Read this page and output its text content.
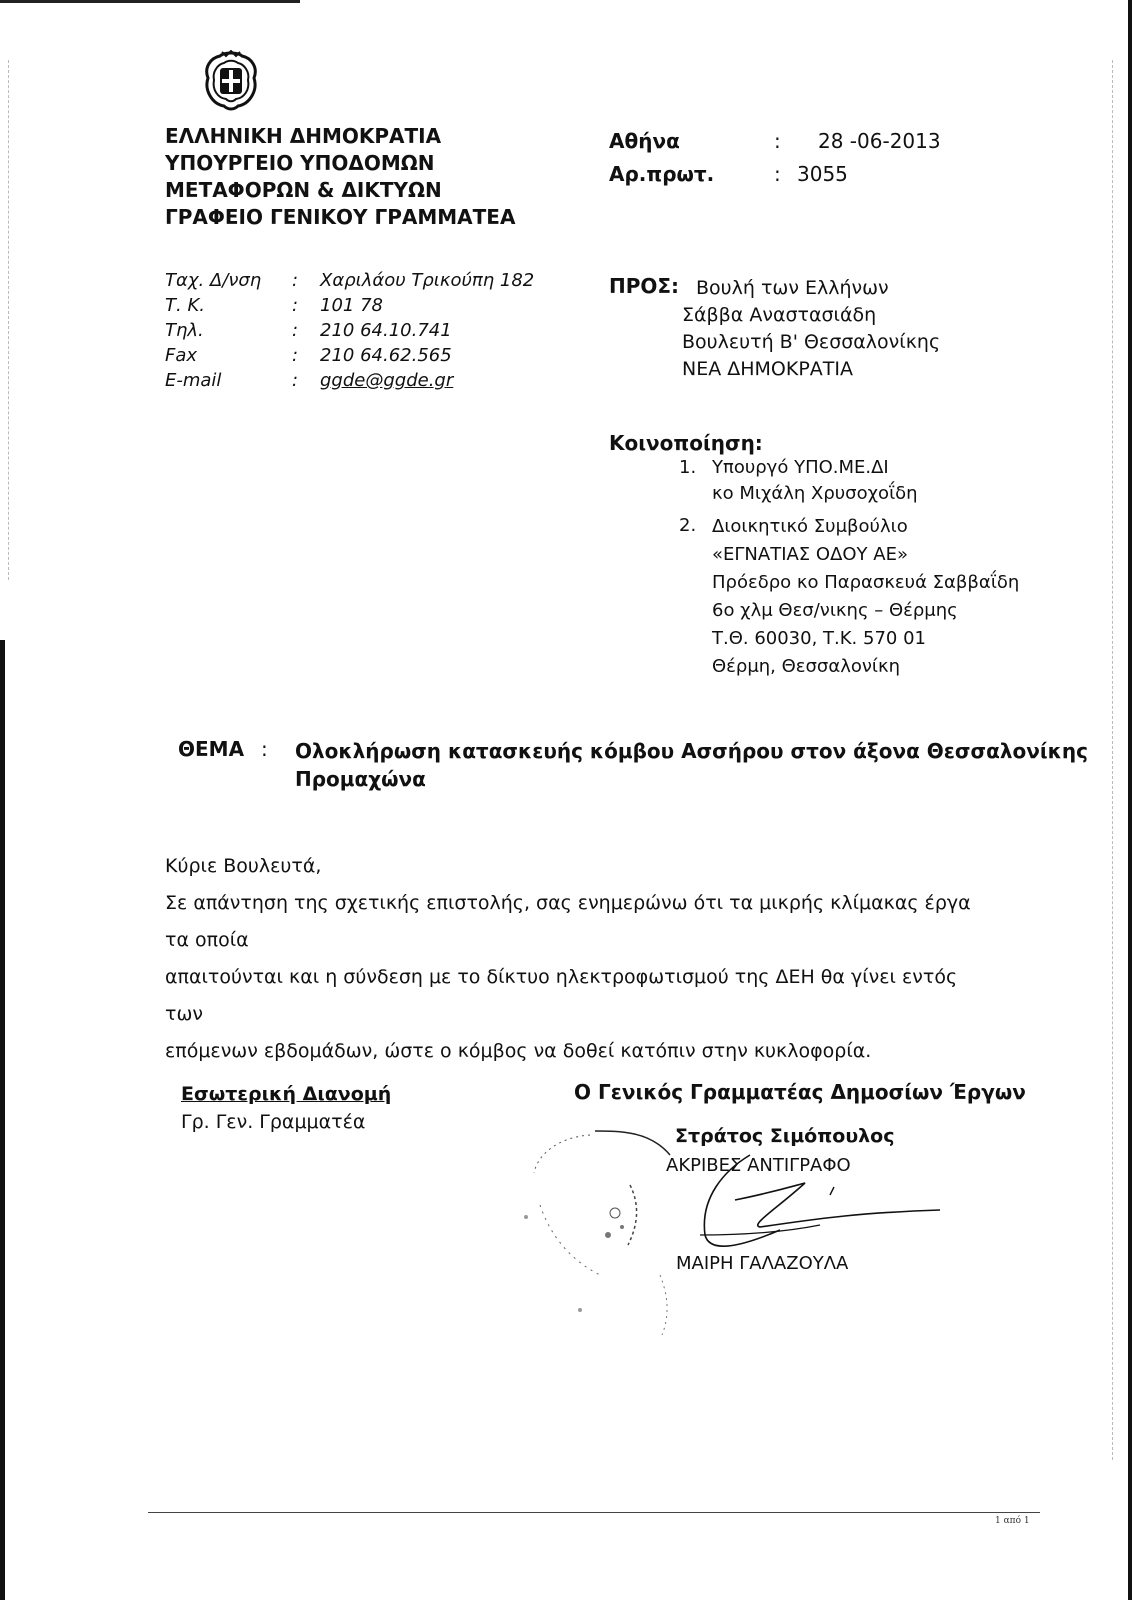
ΕΛΛΗΝΙΚΗ ΔΗΜΟΚΡΑΤΙΑ
ΥΠΟΥΡΓΕΙΟ ΥΠΟΔΟΜΩΝ
ΜΕΤΑΦΟΡΩΝ & ΔΙΚΤΥΩΝ
ΓΡΑΦΕΙΟ ΓΕΝΙΚΟΥ ΓΡΑΜΜΑΤΕΑ
Αθήνα	: 28 -06-2013
Αρ.πρωτ.	: 3055
Ταχ. Δ/νση	: Χαριλάου Τρικούπη 182
Τ. Κ.	: 101 78
Τηλ.	: 210 64.10.741
Fax	: 210 64.62.565
E-mail	: ggde@ggde.gr
ΠΡΟΣ: Βουλή των Ελλήνων
Σάββα Αναστασιάδη
Βουλευτή Β' Θεσσαλονίκης
ΝΕΑ ΔΗΜΟΚΡΑΤΙΑ
Κοινοποίηση:
1. Υπουργό ΥΠΟ.ΜΕ.ΔΙ
κο Μιχάλη Χρυσοχοΐδη
2. Διοικητικό Συμβούλιο
«ΕΓΝΑΤΙΑΣ ΟΔΟΥ ΑΕ»
Πρόεδρο κο Παρασκευά Σαββαΐδη
6ο χλμ Θεσ/νικης – Θέρμης
Τ.Θ. 60030, Τ.Κ. 570 01
Θέρμη, Θεσσαλονίκη
ΘΕΜΑ : Ολοκλήρωση κατασκευής κόμβου Ασσήρου στον άξονα Θεσσαλονίκης
Προμαχώνα
Κύριε Βουλευτά,
Σε απάντηση της σχετικής επιστολής, σας ενημερώνω ότι τα μικρής κλίμακας έργα τα οποία
απαιτούνται και η σύνδεση με το δίκτυο ηλεκτροφωτισμού της ΔΕΗ θα γίνει εντός των
επόμενων εβδομάδων, ώστε ο κόμβος να δοθεί κατόπιν στην κυκλοφορία.
Εσωτερική Διανομή
Γρ. Γεν. Γραμματέα
Ο Γενικός Γραμματέας Δημοσίων Έργων
Στράτος Σιμόπουλος
ΑΚΡΙΒΕΣ ΑΝΤΙΓΡΑΦΟ
ΜΑΙΡΗ ΓΑΛΑΖΟΥΛΑ
1 από 1
